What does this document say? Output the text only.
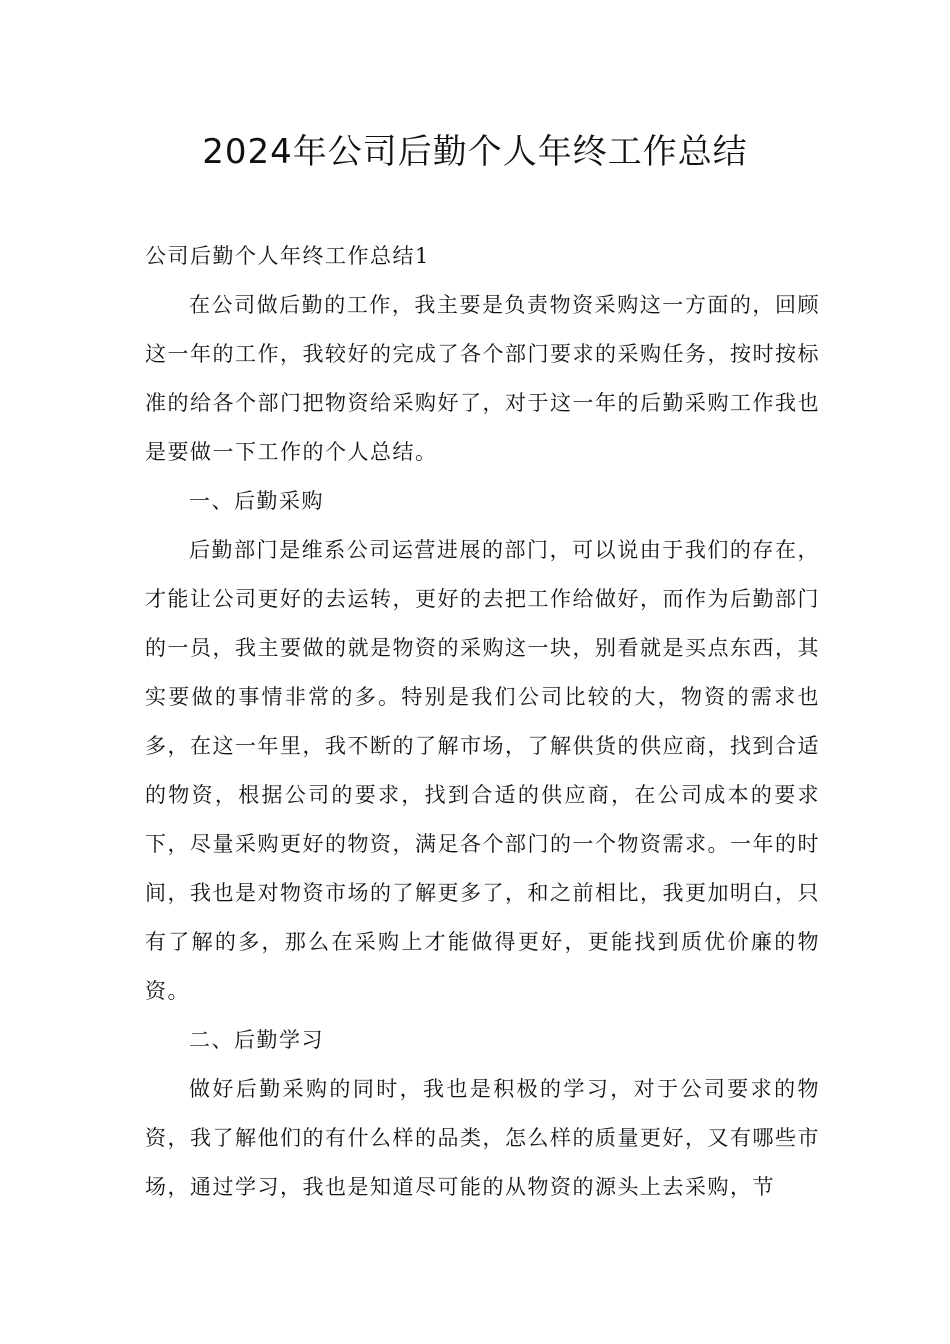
2024年公司后勤个人年终工作总结

公司后勤个人年终工作总结1

在公司做后勤的工作，我主要是负责物资采购这一方面的，回顾这一年的工作，我较好的完成了各个部门要求的采购任务，按时按标准的给各个部门把物资给采购好了，对于这一年的后勤采购工作我也是要做一下工作的个人总结。

一、后勤采购

后勤部门是维系公司运营进展的部门，可以说由于我们的存在，才能让公司更好的去运转，更好的去把工作给做好，而作为后勤部门的一员，我主要做的就是物资的采购这一块，别看就是买点东西，其实要做的事情非常的多。特别是我们公司比较的大，物资的需求也多，在这一年里，我不断的了解市场，了解供货的供应商，找到合适的物资，根据公司的要求，找到合适的供应商，在公司成本的要求下，尽量采购更好的物资，满足各个部门的一个物资需求。一年的时间，我也是对物资市场的了解更多了，和之前相比，我更加明白，只有了解的多，那么在采购上才能做得更好，更能找到质优价廉的物资。

二、后勤学习

做好后勤采购的同时，我也是积极的学习，对于公司要求的物资，我了解他们的有什么样的品类，怎么样的质量更好，又有哪些市场，通过学习，我也是知道尽可能的从物资的源头上去采购，节
